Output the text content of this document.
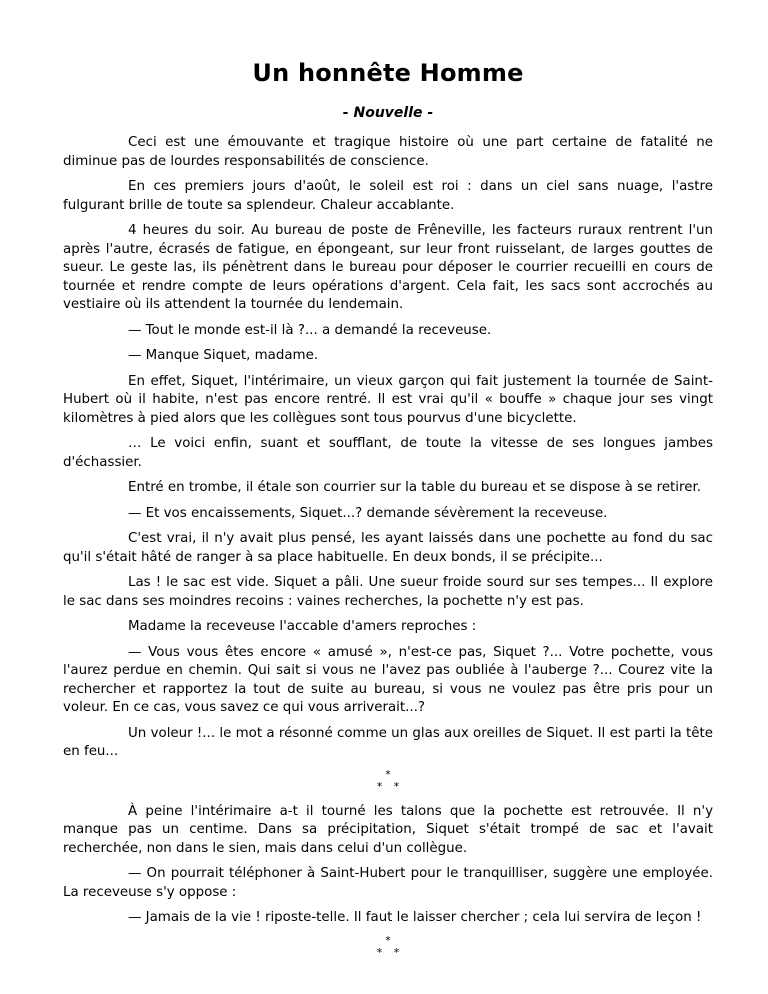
Un honnête Homme
- Nouvelle -

Ceci est une émouvante et tragique histoire où une part certaine de fatalité ne diminue pas de lourdes responsabilités de conscience.

En ces premiers jours d'août, le soleil est roi : dans un ciel sans nuage, l'astre fulgurant brille de toute sa splendeur. Chaleur accablante.

4 heures du soir. Au bureau de poste de Frêneville, les facteurs ruraux rentrent l'un après l'autre, écrasés de fatigue, en épongeant, sur leur front ruisselant, de larges gouttes de sueur. Le geste las, ils pénètrent dans le bureau pour déposer le courrier recueilli en cours de tournée et rendre compte de leurs opérations d'argent. Cela fait, les sacs sont accrochés au vestiaire où ils attendent la tournée du lendemain.

— Tout le monde est-il là ?... a demandé la receveuse.

— Manque Siquet, madame.

En effet, Siquet, l'intérimaire, un vieux garçon qui fait justement la tournée de Saint-Hubert où il habite, n'est pas encore rentré. Il est vrai qu'il « bouffe » chaque jour ses vingt kilomètres à pied alors que les collègues sont tous pourvus d'une bicyclette.

… Le voici enfin, suant et soufflant, de toute la vitesse de ses longues jambes d'échassier.

Entré en trombe, il étale son courrier sur la table du bureau et se dispose à se retirer.

— Et vos encaissements, Siquet...? demande sévèrement la receveuse.

C'est vrai, il n'y avait plus pensé, les ayant laissés dans une pochette au fond du sac qu'il s'était hâté de ranger à sa place habituelle. En deux bonds, il se précipite...

Las ! le sac est vide. Siquet a pâli. Une sueur froide sourd sur ses tempes... Il explore le sac dans ses moindres recoins : vaines recherches, la pochette n'y est pas.

Madame la receveuse l'accable d'amers reproches :

— Vous vous êtes encore « amusé », n'est-ce pas, Siquet ?... Votre pochette, vous l'aurez perdue en chemin. Qui sait si vous ne l'avez pas oubliée à l'auberge ?... Courez vite la rechercher et rapportez la tout de suite au bureau, si vous ne voulez pas être pris pour un voleur. En ce cas, vous savez ce qui vous arriverait...?

Un voleur !... le mot a résonné comme un glas aux oreilles de Siquet. Il est parti la tête en feu...

*
* *

À peine l'intérimaire a-t il tourné les talons que la pochette est retrouvée. Il n'y manque pas un centime. Dans sa précipitation, Siquet s'était trompé de sac et l'avait recherchée, non dans le sien, mais dans celui d'un collègue.

— On pourrait téléphoner à Saint-Hubert pour le tranquilliser, suggère une employée. La receveuse s'y oppose :

— Jamais de la vie ! riposte-telle. Il faut le laisser chercher ; cela lui servira de leçon !

*
* *
